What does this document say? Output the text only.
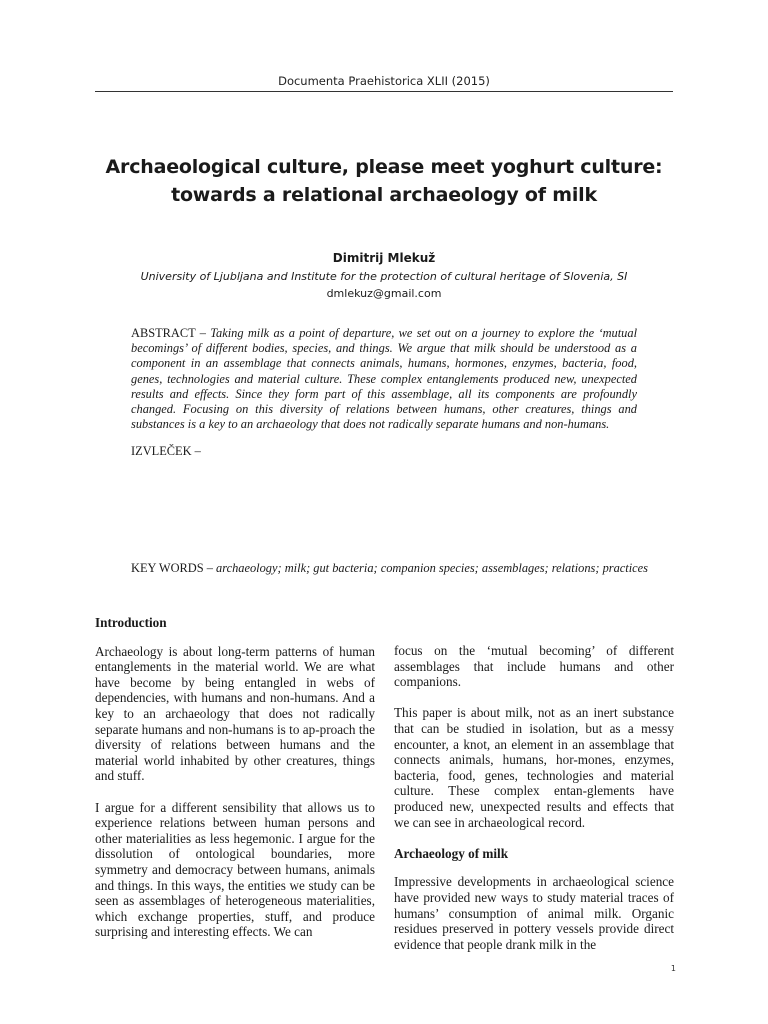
Documenta Praehistorica XLII (2015)
Archaeological culture, please meet yoghurt culture:
towards a relational archaeology of milk
Dimitrij Mlekuž
University of Ljubljana and Institute for the protection of cultural heritage of Slovenia, SI
dmlekuz@gmail.com
ABSTRACT – Taking milk as a point of departure, we set out on a journey to explore the ‘mutual becomings’ of different bodies, species, and things. We argue that milk should be understood as a component in an assemblage that connects animals, humans, hormones, enzymes, bacteria, food, genes, technologies and material culture. These complex entanglements produced new, unexpected results and effects. Since they form part of this assemblage, all its components are profoundly changed. Focusing on this diversity of relations between humans, other creatures, things and substances is a key to an archaeology that does not radically separate humans and non-humans.
IZVLEČEK –
KEY WORDS – archaeology; milk; gut bacteria; companion species; assemblages; relations; practices
Introduction

Archaeology is about long-term patterns of human entanglements in the material world. We are what have become by being entangled in webs of dependencies, with humans and non-humans. And a key to an archaeology that does not radically separate humans and non-humans is to ap-proach the diversity of relations between humans and the material world inhabited by other creatures, things and stuff.

I argue for a different sensibility that allows us to experience relations between human persons and other materialities as less hegemonic. I argue for the dissolution of ontological boundaries, more symmetry and democracy between humans, animals and things. In this ways, the entities we study can be seen as assemblages of heterogeneous materialities, which exchange properties, stuff, and produce surprising and interesting effects. We can

focus on the ‘mutual becoming’ of different assemblages that include humans and other companions.

This paper is about milk, not as an inert substance that can be studied in isolation, but as a messy encounter, a knot, an element in an assemblage that connects animals, humans, hor-mones, enzymes, bacteria, food, genes, technologies and material culture. These complex entan-glements have produced new, unexpected results and effects that we can see in archaeological record.

Archaeology of milk

Impressive developments in archaeological science have provided new ways to study material traces of humans’ consumption of animal milk. Organic residues preserved in pottery vessels provide direct evidence that people drank milk in the

1
